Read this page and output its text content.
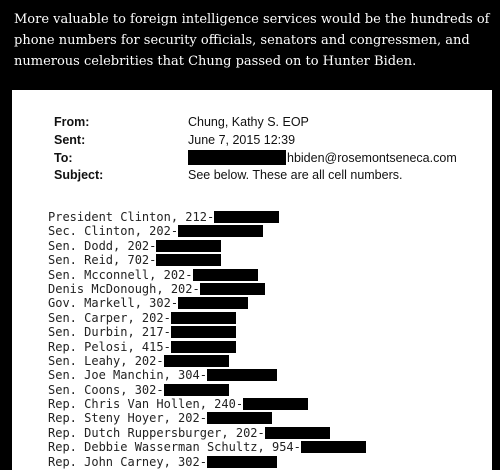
More valuable to foreign intelligence services would be the hundreds of phone numbers for security officials, senators and congressmen, and numerous celebrities that Chung passed on to Hunter Biden.

From:
Sent:
To:
Subject:
Chung, Kathy S. EOP
June 7, 2015 12:39
hbiden@rosemontseneca.com
See below. These are all cell numbers.
President Clinton, 212-
Sec. Clinton, 202-
Sen. Dodd, 202-
Sen. Reid, 702-
Sen. Mcconnell, 202-
Denis McDonough, 202-
Gov. Markell, 302-
Sen. Carper, 202-
Sen. Durbin, 217-
Rep. Pelosi, 415-
Sen. Leahy, 202-
Sen. Joe Manchin, 304-
Sen. Coons, 302-
Rep. Chris Van Hollen, 240-
Rep. Steny Hoyer, 202-
Rep. Dutch Ruppersburger, 202-
Rep. Debbie Wasserman Schultz, 954-
Rep. John Carney, 302-
